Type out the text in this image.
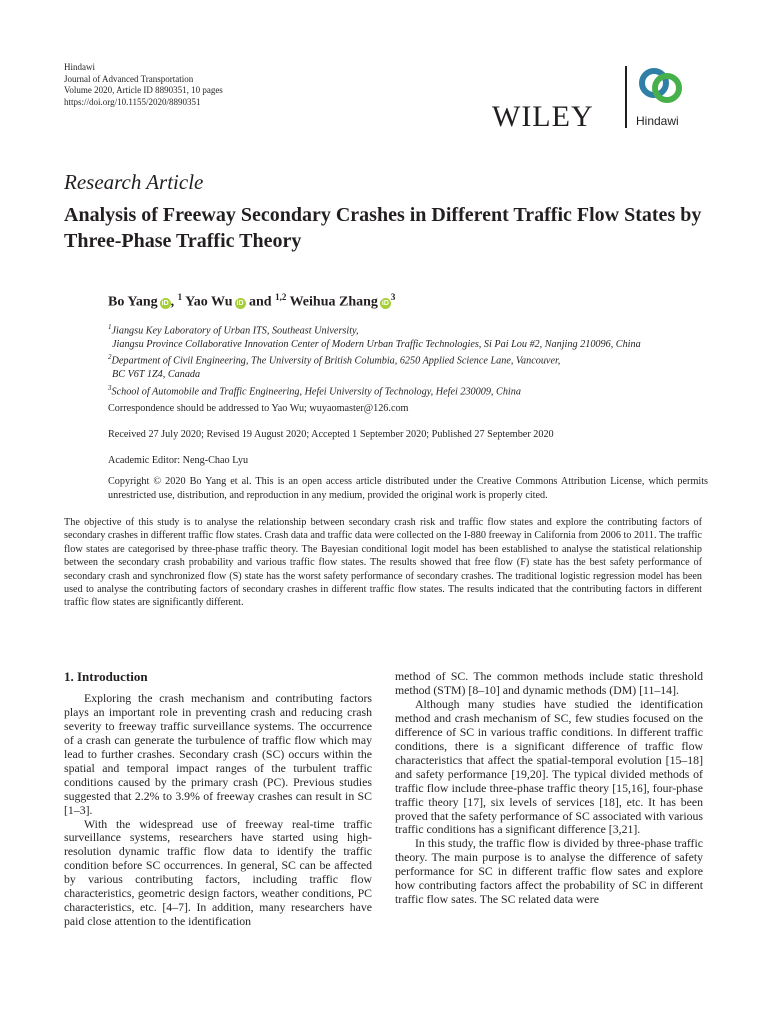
Hindawi
Journal of Advanced Transportation
Volume 2020, Article ID 8890351, 10 pages
https://doi.org/10.1155/2020/8890351	WILEY	Hindawi
Research Article
Analysis of Freeway Secondary Crashes in Different Traffic Flow States by Three-Phase Traffic Theory
Bo Yang iD , $^1$ Yao Wu iD and $^{1,2}$ Weihua Zhang $iD^3$
$^1$Jiangsu Key Laboratory of Urban ITS, Southeast University,
Jiangsu Province Collaborative Innovation Center of Modern Urban Traffic Technologies, Si Pai Lou #2, Nanjing 210096, China
$^2$Department of Civil Engineering, The University of British Columbia, 6250 Applied Science Lane, Vancouver,
BC V6T 1Z4, Canada
$^3$School of Automobile and Traffic Engineering, Hefei University of Technology, Hefei 230009, China
Correspondence should be addressed to Yao Wu; wuyaomaster@126.com
Received 27 July 2020; Revised 19 August 2020; Accepted 1 September 2020; Published 27 September 2020
Academic Editor: Neng-Chao Lyu
Copyright © 2020 Bo Yang et al. This is an open access article distributed under the Creative Commons Attribution License, which permits unrestricted use, distribution, and reproduction in any medium, provided the original work is properly cited.
The objective of this study is to analyse the relationship between secondary crash risk and traffic flow states and explore the contributing factors of secondary crashes in different traffic flow states. Crash data and traffic data were collected on the I-880 freeway in California from 2006 to 2011. The traffic flow states are categorised by three-phase traffic theory. The Bayesian conditional logit model has been established to analyse the statistical relationship between the secondary crash probability and various traffic flow states. The results showed that free flow (F) state has the best safety performance of secondary crash and synchronized flow (S) state has the worst safety performance of secondary crashes. The traditional logistic regression model has been used to analyse the contributing factors of secondary crashes in different traffic flow states. The results indicated that the contributing factors in different traffic flow states are significantly different.
1. Introduction

Exploring the crash mechanism and contributing factors plays an important role in preventing crash and reducing crash severity to freeway traffic surveillance systems. The occurrence of a crash can generate the turbulence of traffic flow which may lead to further crashes. Secondary crash (SC) occurs within the spatial and temporal impact ranges of the turbulent traffic conditions caused by the primary crash (PC). Previous studies suggested that 2.2% to 3.9% of freeway crashes can result in SC [1–3].

With the widespread use of freeway real-time traffic surveillance systems, researchers have started using high-resolution dynamic traffic flow data to identify the traffic condition before SC occurrences. In general, SC can be affected by various contributing factors, including traffic flow characteristics, geometric design factors, weather conditions, PC characteristics, etc. [4–7]. In addition, many researchers have paid close attention to the identification

method of SC. The common methods include static threshold method (STM) [8–10] and dynamic methods (DM) [11–14].

Although many studies have studied the identification method and crash mechanism of SC, few studies focused on the difference of SC in various traffic conditions. In different traffic conditions, there is a significant difference of traffic flow characteristics that affect the spatial-temporal evolution [15–18] and safety performance [19,20]. The typical divided methods of traffic flow include three-phase traffic theory [15,16], four-phase traffic theory [17], six levels of services [18], etc. It has been proved that the safety performance of SC associated with various traffic conditions has a significant difference [3,21].

In this study, the traffic flow is divided by three-phase traffic theory. The main purpose is to analyse the difference of safety performance for SC in different traffic flow sates and explore how contributing factors affect the probability of SC in different traffic flow sates. The SC related data were
